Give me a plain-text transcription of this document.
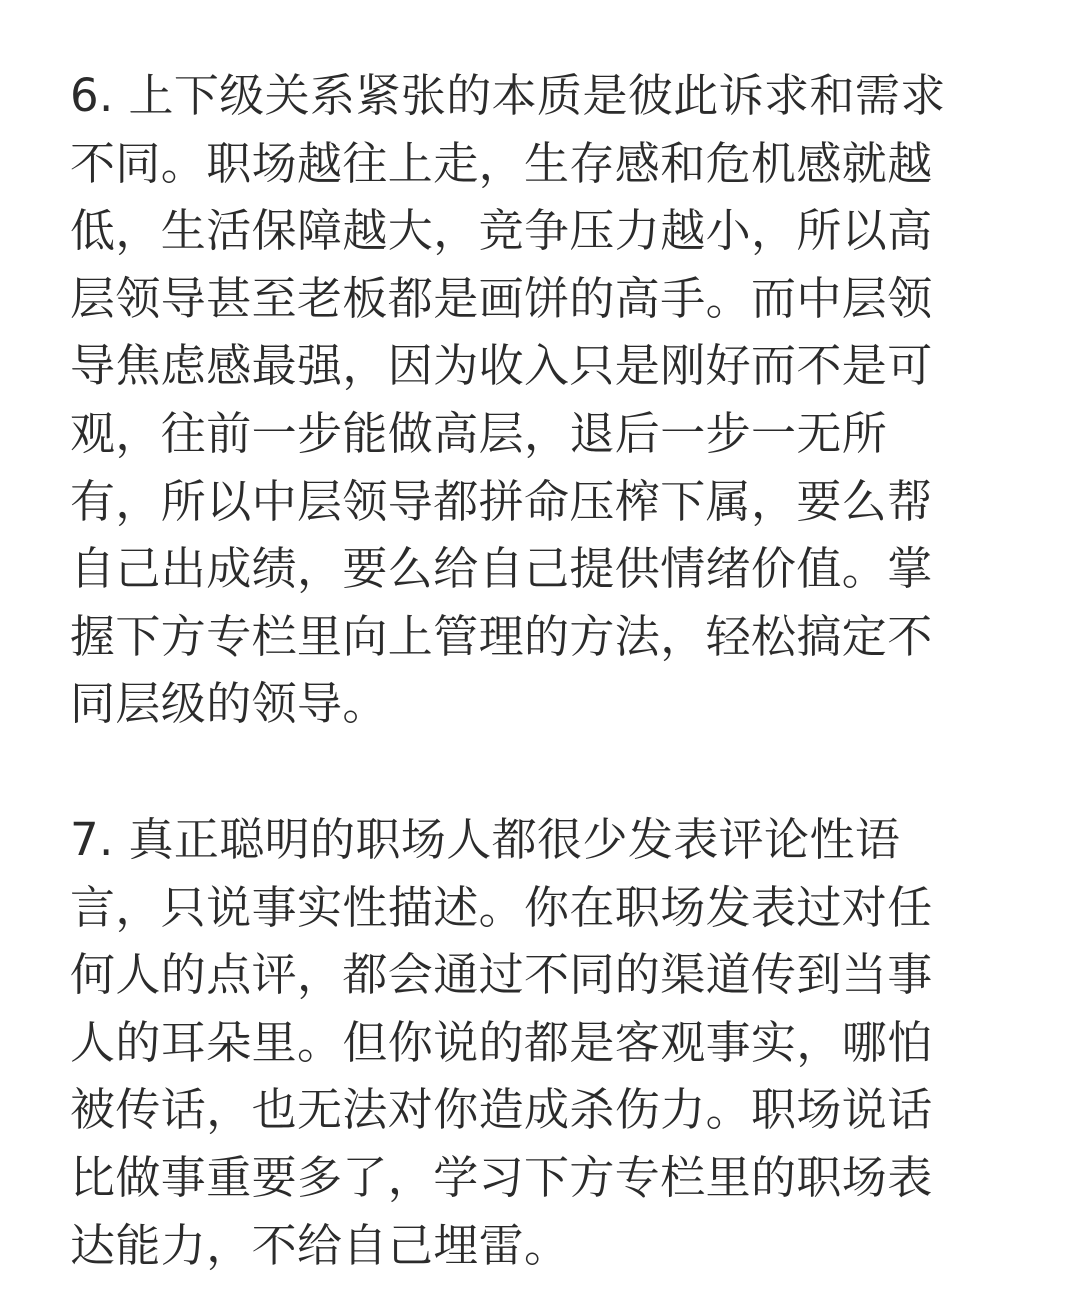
6. 上下级关系紧张的本质是彼此诉求和需求
不同。职场越往上走，生存感和危机感就越
低，生活保障越大，竞争压力越小，所以高
层领导甚至老板都是画饼的高手。而中层领
导焦虑感最强，因为收入只是刚好而不是可
观，往前一步能做高层，退后一步一无所
有，所以中层领导都拼命压榨下属，要么帮
自己出成绩，要么给自己提供情绪价值。掌
握下方专栏里向上管理的方法，轻松搞定不
同层级的领导。

7. 真正聪明的职场人都很少发表评论性语
言，只说事实性描述。你在职场发表过对任
何人的点评，都会通过不同的渠道传到当事
人的耳朵里。但你说的都是客观事实，哪怕
被传话，也无法对你造成杀伤力。职场说话
比做事重要多了，学习下方专栏里的职场表
达能力，不给自己埋雷。
